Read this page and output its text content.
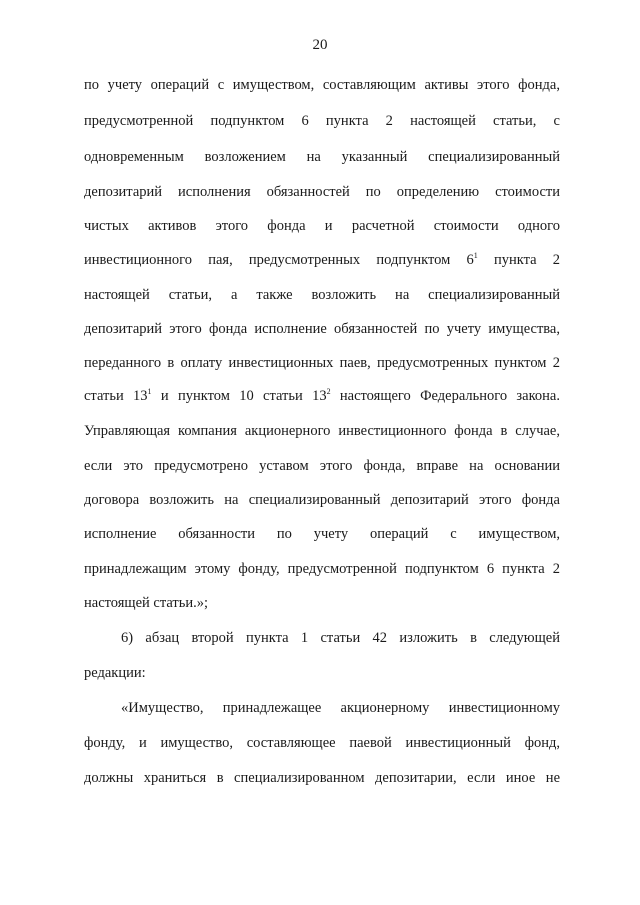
20
по учету операций с имуществом, составляющим активы этого фонда,
предусмотренной подпунктом 6 пункта 2 настоящей статьи, с
одновременным возложением на указанный специализированный
депозитарий исполнения обязанностей по определению стоимости
чистых активов этого фонда и расчетной стоимости одного
инвестиционного пая, предусмотренных подпунктом $6^1$ пункта 2
настоящей статьи, а также возложить на специализированный
депозитарий этого фонда исполнение обязанностей по учету имущества,
переданного в оплату инвестиционных паев, предусмотренных пунктом 2
статьи $13^1$ и пунктом 10 статьи $13^2$ настоящего Федерального закона.
Управляющая компания акционерного инвестиционного фонда в случае,
если это предусмотрено уставом этого фонда, вправе на основании
договора возложить на специализированный депозитарий этого фонда
исполнение обязанности по учету операций с имуществом,
принадлежащим этому фонду, предусмотренной подпунктом 6 пункта 2
настоящей статьи.»;
6) абзац второй пункта 1 статьи 42 изложить в следующей
редакции:
«Имущество, принадлежащее акционерному инвестиционному
фонду, и имущество, составляющее паевой инвестиционный фонд,
должны храниться в специализированном депозитарии, если иное не
